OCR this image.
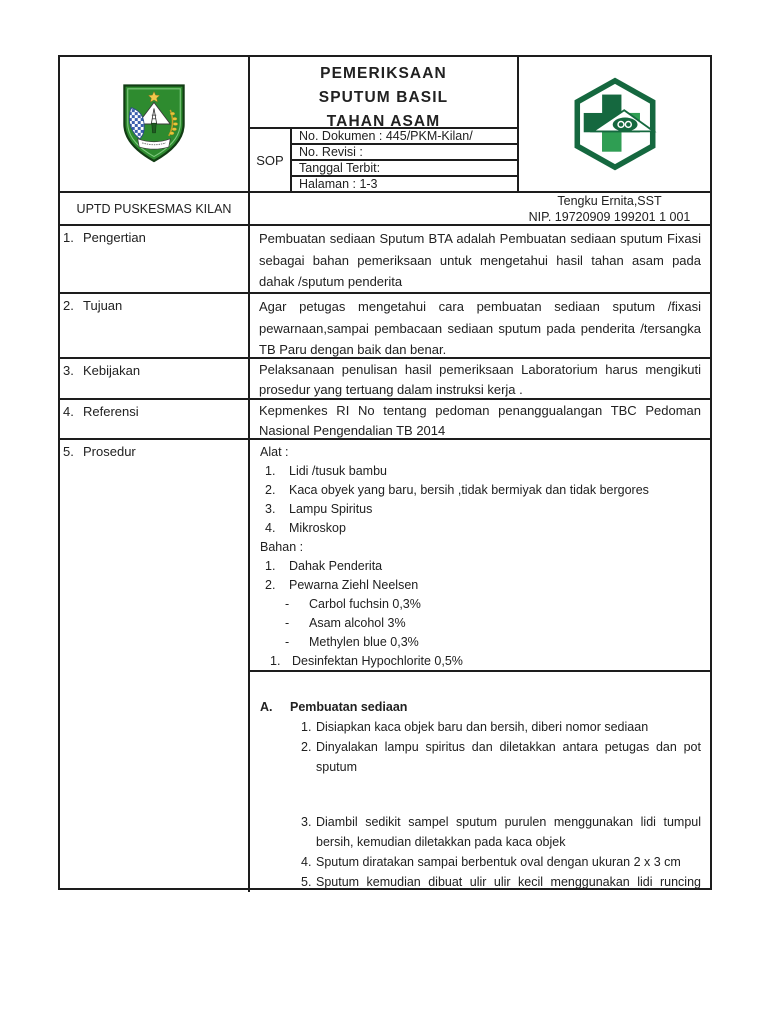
PEMERIKSAAN
SPUTUM BASIL
TAHAN ASAM
SOP
No. Dokumen : 445/PKM-Kilan/
No. Revisi :
Tanggal Terbit:
Halaman : 1-3
UPTD PUSKESMAS KILAN
Tengku Ernita,SST
NIP. 19720909 199201 1 001
1. Pengertian	Pembuatan sediaan Sputum BTA adalah Pembuatan sediaan sputum Fixasi sebagai bahan pemeriksaan untuk mengetahui hasil tahan asam pada dahak /sputum penderita
2. Tujuan	Agar petugas mengetahui cara pembuatan sediaan sputum /fixasi pewarnaan,sampai pembacaan sediaan sputum pada penderita /tersangka TB Paru dengan baik dan benar.
3. Kebijakan	Pelaksanaan penulisan hasil pemeriksaan Laboratorium harus mengikuti prosedur yang tertuang dalam instruksi kerja .
4. Referensi	Kepmenkes RI No tentang pedoman penanggualangan TBC Pedoman Nasional Pengendalian TB 2014
5. Prosedur	Alat :
1.	Lidi /tusuk bambu
2.	Kaca obyek yang baru, bersih ,tidak bermiyak dan tidak bergores
3.	Lampu Spiritus
4.	Mikroskop
Bahan :
1.	Dahak Penderita
2.	Pewarna Ziehl Neelsen
-	Carbol fuchsin 0,3%
-	Asam alcohol 3%
-	Methylen blue 0,3%
1. Desinfektan Hypochlorite 0,5%
A.	Pembuatan sediaan
1. Disiapkan kaca objek baru dan bersih, diberi nomor sediaan
2. Dinyalakan lampu spiritus dan diletakkan antara petugas dan pot sputum
3. Diambil sedikit sampel sputum purulen menggunakan lidi tumpul bersih, kemudian diletakkan pada kaca objek
4. Sputum diratakan sampai berbentuk oval dengan ukuran 2 x 3 cm
5. Sputum kemudian dibuat ulir ulir kecil menggunakan lidi runcing
